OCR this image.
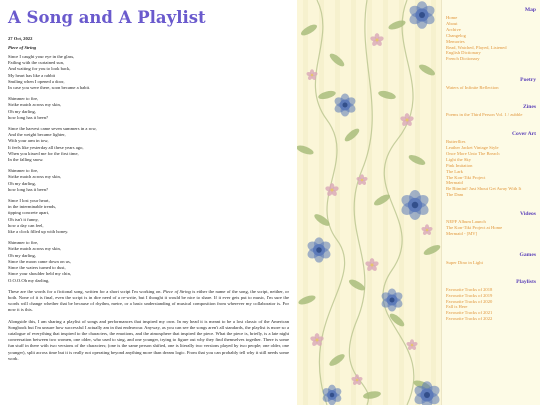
A Song and A Playlist
27 Oct, 2022
Piece of String
Since I caught your eye in the glass,
Failing with the curtained sun,
And waiting for you to look back,
My heart has like a rabbit
Smiling when I opened a door,
In case you were there, soon became a habit.
Shimmer to fire,
Strike match across my skin,
Oh my darling,
how long has it been?
Since the harvest came seven summers in a row,
And the weight became lighter,
With your arm in tow,
It feels like yesterday all these years ago,
When you kissed me for the first time,
In the falling snow.
Shimmer to fire,
Strike match across my skin,
Oh my darling,
how long has it been?
Since I lost your heart,
in the interminable trends,
tipping concrete apart,
Oh isn't it funny,
how a day can feel,
like a clock filled up with honey.
Shimmer to fire,
Strike match across my skin,
Oh my darling,
Since the moon came down on us,
Since the waters turned to dust,
Since your shoulder held my chin,
O.O.O.Oh my darling,

These are the words for a fictional song, written for a short script I'm working on. Piece of String is either the name of the song, the script, neither, or both. None of it is final, even the script is in dire need of a re-write, but I thought it would be nice to share. If it ever gets put to music, I'm sure the words will change whether that be because of rhythm, metre, or a basic understanding of musical composition from wherever my collaborator is. For now it is this.

Alongside this, I am sharing a playlist of songs and performances that inspired my own. In my head it is meant to be a lost classic of the American Songbook but I'm unsure how successful I actually am in that endeavour. Anyway, as you can see the songs aren't all standards, the playlist is more so a catalogue of everything that inspired to the characters, the emotions, and the atmosphere that inspired the piece. What the piece is, briefly, is a late night conversation between two women, one older, who used to sing, and one younger, trying to figure out why they find themselves together. There is some fun stuff in there with two versions of the characters; (one is the same person shifted, one is literally two versions played by two people; one older, one younger), split across time but it is really not operating beyond anything more than dream logic. From that you can probably tell why it still needs some work.

Map
Home
About
Archive
Changelog
Memories
Read, Watched, Played, Listened
English Dictionary
French Dictionary
Poetry
Waters of Infinite Reflection
Zines
Poems in the Third Person Vol. 1 / zubble
Cover Art
Butterflies
Leather Jacket Vintage Style
Once More Unto The Breach
Light the Sky
Pink Imitation
The Lark
The Kon-Tiki Project
Mermaid
Be Bitmint! Just Shout Get Away With It
The Dam
Videos
NEFF Album Launch
The Kon-Tiki Project at Home
Mermaid - [MV]
Games
Super Dino in Light
Playlists
Favourite Tracks of 2018
Favourite Tracks of 2019
Favourite Tracks of 2020
Fall is Here
Favourite Tracks of 2021
Favourite Tracks of 2022
